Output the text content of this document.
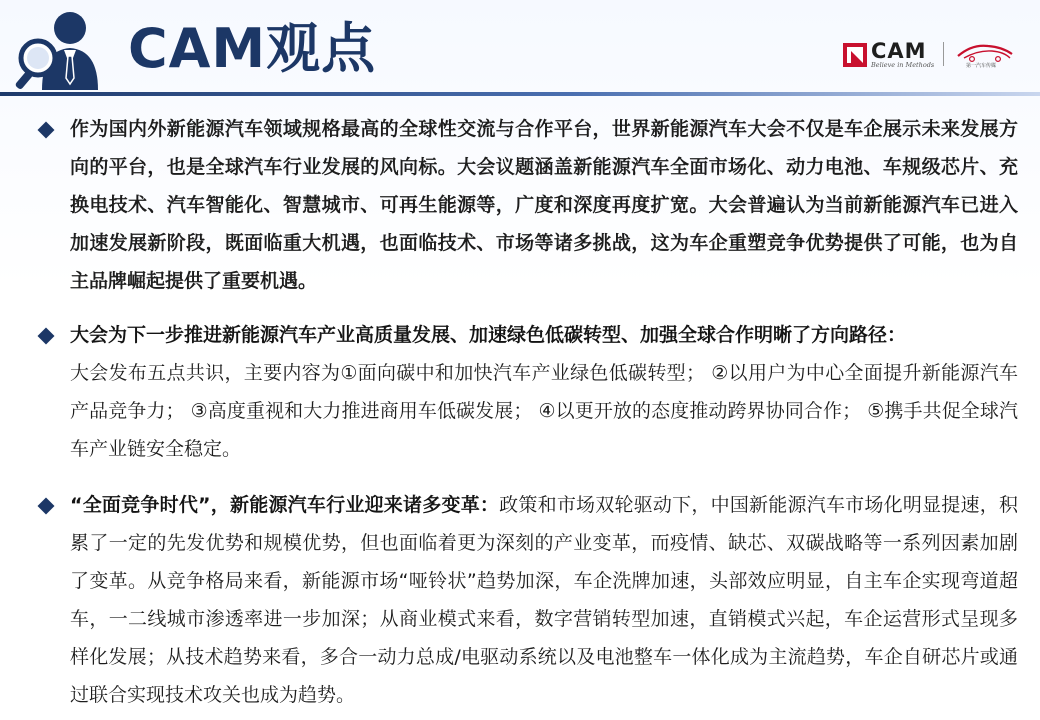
CAM观点	CAM
Believe in Methods	第一汽车传媒

作为国内外新能源汽车领域规格最高的全球性交流与合作平台，世界新能源汽车大会不仅是车企展示未来发展方向的平台，也是全球汽车行业发展的风向标。大会议题涵盖新能源汽车全面市场化、动力电池、车规级芯片、充换电技术、汽车智能化、智慧城市、可再生能源等，广度和深度再度扩宽。大会普遍认为当前新能源汽车已进入加速发展新阶段，既面临重大机遇，也面临技术、市场等诸多挑战，这为车企重塑竞争优势提供了可能，也为自主品牌崛起提供了重要机遇。

大会为下一步推进新能源汽车产业高质量发展、加速绿色低碳转型、加强全球合作明晰了方向路径：
大会发布五点共识，主要内容为①面向碳中和加快汽车产业绿色低碳转型； ②以用户为中心全面提升新能源汽车产品竞争力； ③高度重视和大力推进商用车低碳发展； ④以更开放的态度推动跨界协同合作； ⑤携手共促全球汽车产业链安全稳定。

“全面竞争时代”，新能源汽车行业迎来诸多变革：政策和市场双轮驱动下，中国新能源汽车市场化明显提速，积累了一定的先发优势和规模优势，但也面临着更为深刻的产业变革，而疫情、缺芯、双碳战略等一系列因素加剧了变革。从竞争格局来看，新能源市场“哑铃状”趋势加深，车企洗牌加速，头部效应明显，自主车企实现弯道超车，一二线城市渗透率进一步加深；从商业模式来看，数字营销转型加速，直销模式兴起，车企运营形式呈现多样化发展；从技术趋势来看，多合一动力总成/电驱动系统以及电池整车一体化成为主流趋势，车企自研芯片或通过联合实现技术攻关也成为趋势。
